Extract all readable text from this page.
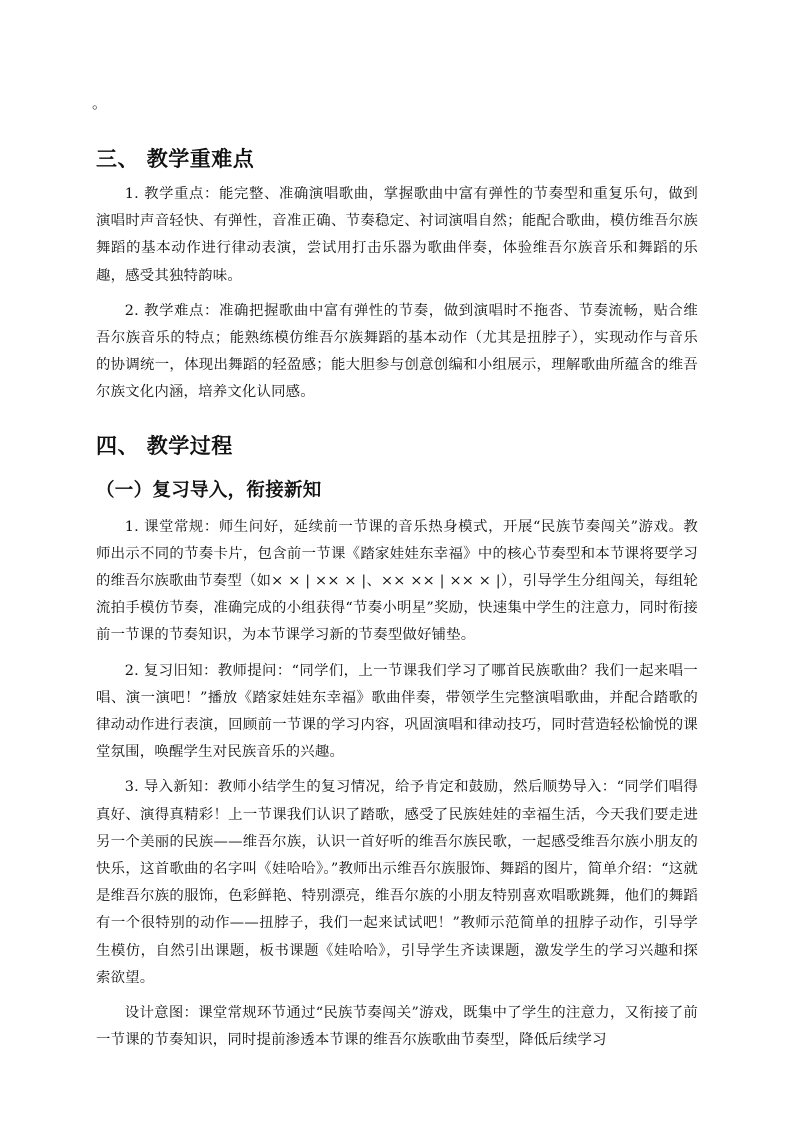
。
三、 教学重难点

1. 教学重点：能完整、准确演唱歌曲，掌握歌曲中富有弹性的节奏型和重复乐句，做到演唱时声音轻快、有弹性，音准正确、节奏稳定、衬词演唱自然；能配合歌曲，模仿维吾尔族舞蹈的基本动作进行律动表演，尝试用打击乐器为歌曲伴奏，体验维吾尔族音乐和舞蹈的乐趣，感受其独特韵味。

2. 教学难点：准确把握歌曲中富有弹性的节奏，做到演唱时不拖沓、节奏流畅，贴合维吾尔族音乐的特点；能熟练模仿维吾尔族舞蹈的基本动作（尤其是扭脖子），实现动作与音乐的协调统一，体现出舞蹈的轻盈感；能大胆参与创意创编和小组展示，理解歌曲所蕴含的维吾尔族文化内涵，培养文化认同感。

四、 教学过程
（一）复习导入，衔接新知

1. 课堂常规：师生问好，延续前一节课的音乐热身模式，开展“民族节奏闯关”游戏。教师出示不同的节奏卡片，包含前一节课《踏家娃娃东幸福》中的核心节奏型和本节课将要学习的维吾尔族歌曲节奏型（如× × | ×× × |、×× ×× | ×× × |），引导学生分组闯关，每组轮流拍手模仿节奏，准确完成的小组获得“节奏小明星”奖励，快速集中学生的注意力，同时衔接前一节课的节奏知识，为本节课学习新的节奏型做好铺垫。

2. 复习旧知：教师提问：“同学们，上一节课我们学习了哪首民族歌曲？我们一起来唱一唱、演一演吧！”播放《踏家娃娃东幸福》歌曲伴奏，带领学生完整演唱歌曲，并配合踏歌的律动动作进行表演，回顾前一节课的学习内容，巩固演唱和律动技巧，同时营造轻松愉悦的课堂氛围，唤醒学生对民族音乐的兴趣。

3. 导入新知：教师小结学生的复习情况，给予肯定和鼓励，然后顺势导入：“同学们唱得真好、演得真精彩！上一节课我们认识了踏歌，感受了民族娃娃的幸福生活，今天我们要走进另一个美丽的民族——维吾尔族，认识一首好听的维吾尔族民歌，一起感受维吾尔族小朋友的快乐，这首歌曲的名字叫《娃哈哈》。”教师出示维吾尔族服饰、舞蹈的图片，简单介绍：“这就是维吾尔族的服饰，色彩鲜艳、特别漂亮，维吾尔族的小朋友特别喜欢唱歌跳舞，他们的舞蹈有一个很特别的动作——扭脖子，我们一起来试试吧！”教师示范简单的扭脖子动作，引导学生模仿，自然引出课题，板书课题《娃哈哈》，引导学生齐读课题，激发学生的学习兴趣和探索欲望。

设计意图：课堂常规环节通过“民族节奏闯关”游戏，既集中了学生的注意力，又衔接了前一节课的节奏知识，同时提前渗透本节课的维吾尔族歌曲节奏型，降低后续学习
